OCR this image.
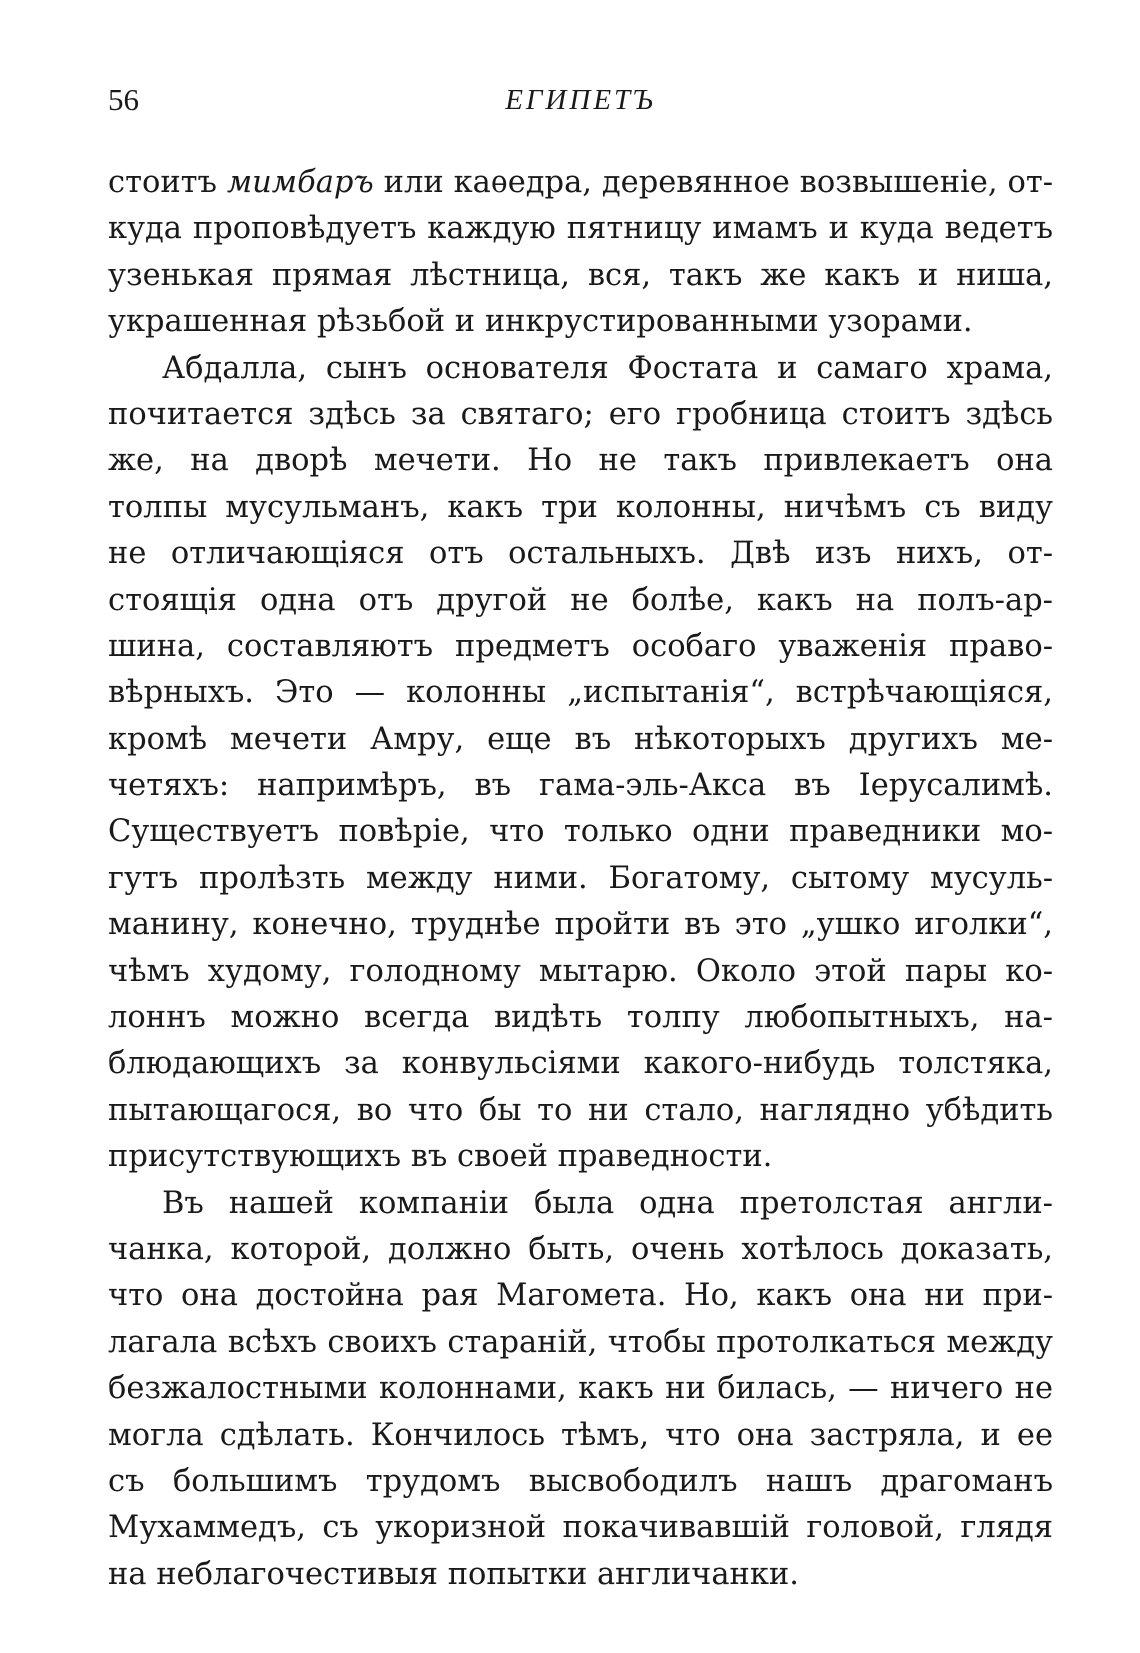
56	ЕГИПЕТЪ
стоитъ мимбаръ или каѳедра, деревянное возвышеніе, от-
куда проповѣдуетъ каждую пятницу имамъ и куда ведетъ
узенькая прямая лѣстница, вся, такъ же какъ и ниша,
украшенная рѣзьбой и инкрустированными узорами.
Абдалла, сынъ основателя Фостата и самаго храма,
почитается здѣсь за святаго; его гробница стоитъ здѣсь
же, на дворѣ мечети. Но не такъ привлекаетъ она
толпы мусульманъ, какъ три колонны, ничѣмъ съ виду
не отличающіяся отъ остальныхъ. Двѣ изъ нихъ, от-
стоящія одна отъ другой не болѣе, какъ на полъ-ар-
шина, составляютъ предметъ особаго уваженія право-
вѣрныхъ. Это — колонны „испытанія“, встрѣчающіяся,
кромѣ мечети Амру, еще въ нѣкоторыхъ другихъ ме-
четяхъ: напримѣръ, въ гама-эль-Акса въ Іерусалимѣ.
Существуетъ повѣріе, что только одни праведники мо-
гутъ пролѣзть между ними. Богатому, сытому мусуль-
манину, конечно, труднѣе пройти въ это „ушко иголки“,
чѣмъ худому, голодному мытарю. Около этой пары ко-
лоннъ можно всегда видѣть толпу любопытныхъ, на-
блюдающихъ за конвульсіями какого-нибудь толстяка,
пытающагося, во что бы то ни стало, наглядно убѣдить
присутствующихъ въ своей праведности.
Въ нашей компаніи была одна претолстая англи-
чанка, которой, должно быть, очень хотѣлось доказать,
что она достойна рая Магомета. Но, какъ она ни при-
лагала всѣхъ своихъ стараній, чтобы протолкаться между
безжалостными колоннами, какъ ни билась, — ничего не
могла сдѣлать. Кончилось тѣмъ, что она застряла, и ее
съ большимъ трудомъ высвободилъ нашъ драгоманъ
Мухаммедъ, съ укоризной покачивавшій головой, глядя
на неблагочестивыя попытки англичанки.
